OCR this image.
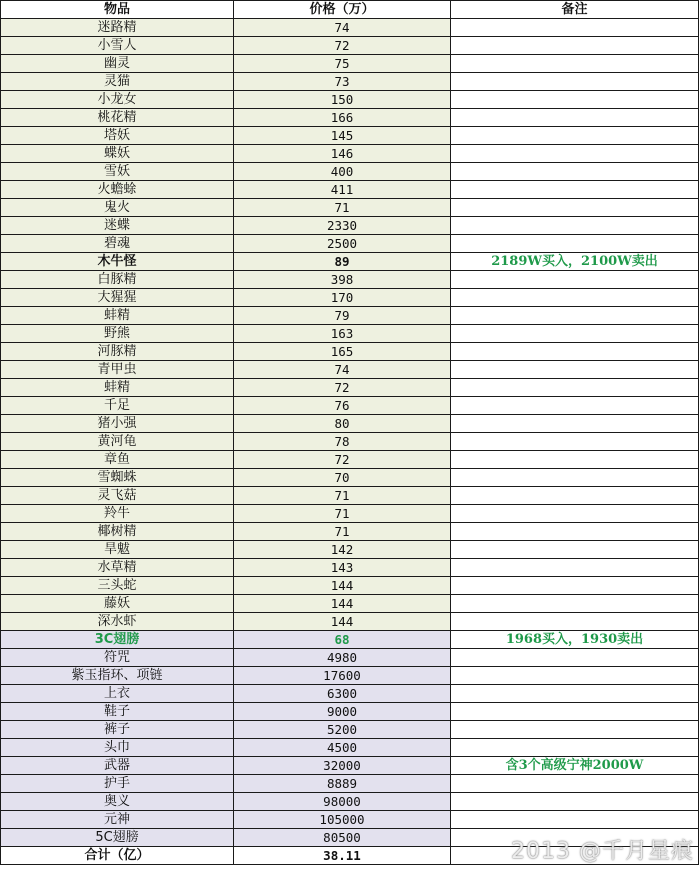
物品	价格（万）	备注
迷路精	74	
小雪人	72	
幽灵	75	
灵猫	73	
小龙女	150	
桃花精	166	
塔妖	145	
蝶妖	146	
雪妖	400	
火蟾蜍	411	
鬼火	71	
迷蝶	2330	
碧魂	2500	
木牛怪	89	2189W买入，2100W卖出
白豚精	398	
大猩猩	170	
蚌精	79	
野熊	163	
河豚精	165	
青甲虫	74	
蚌精	72	
千足	76	
猪小强	80	
黄河龟	78	
章鱼	72	
雪蜘蛛	70	
灵飞菇	71	
羚牛	71	
椰树精	71	
旱魃	142	
水草精	143	
三头蛇	144	
藤妖	144	
深水虾	144	
3C翅膀	68	1968买入，1930卖出
符咒	4980	
紫玉指环、项链	17600	
上衣	6300	
鞋子	9000	
裤子	5200	
头巾	4500	
武器	32000	含3个高级宁神2000W
护手	8889	
奥义	98000	
元神	105000	
5C翅膀	80500	
合计（亿）	38.11		2013 @千月星痕
